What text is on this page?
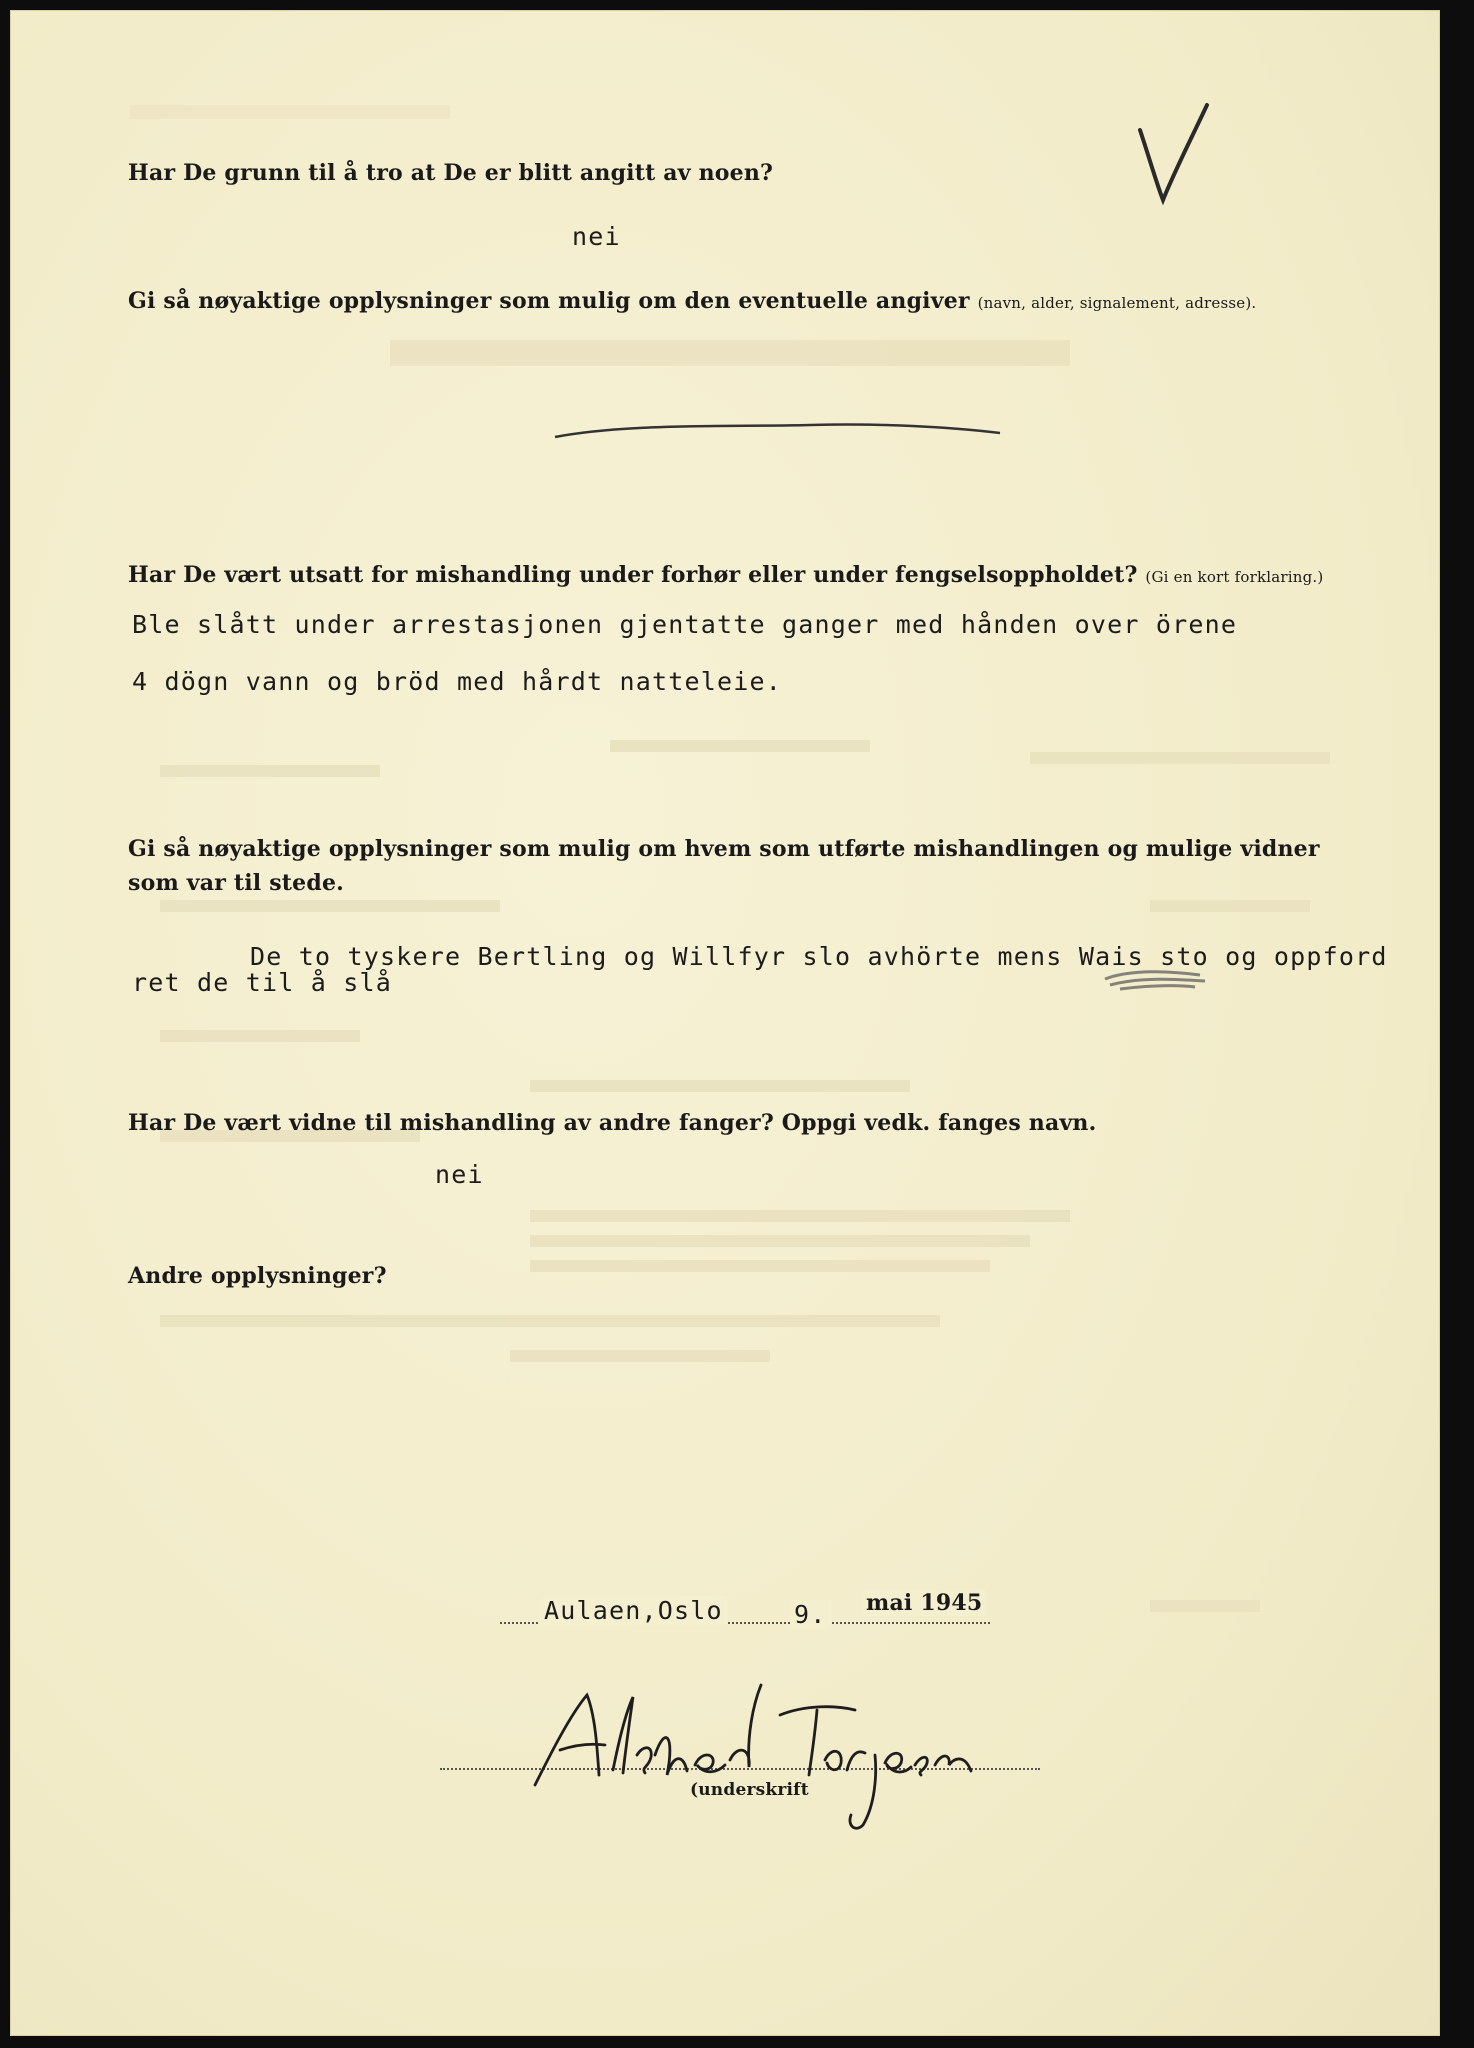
Har De grunn til å tro at De er blitt angitt av noen?
nei
Gi så nøyaktige opplysninger som mulig om den eventuelle angiver (navn, alder, signalement, adresse).
Har De vært utsatt for mishandling under forhør eller under fengselsoppholdet? (Gi en kort forklaring.)
Ble slått under arrestasjonen gjentatte ganger med hånden over örene
4 dögn vann og bröd med hårdt natteleie.
Gi så nøyaktige opplysninger som mulig om hvem som utførte mishandlingen og mulige vidner
som var til stede.
De to tyskere Bertling og Willfyr slo avhörte mens Wais sto og oppford
ret de til å slå
Har De vært vidne til mishandling av andre fanger? Oppgi vedk. fanges navn.
nei
Andre opplysninger?
Aulaen,Oslo	9. mai 1945
(underskrift
